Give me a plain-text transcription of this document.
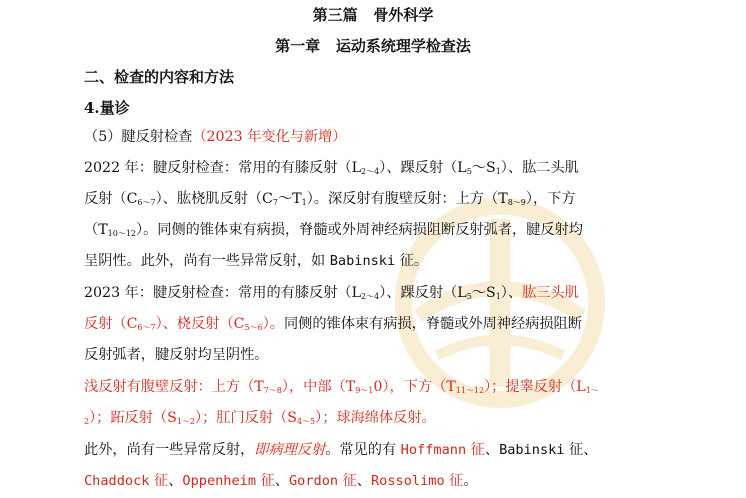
第三篇   骨外科学
第一章   运动系统理学检查法
二、检查的内容和方法
4.量诊
（5）腱反射检查（2023 年变化与新增）
2022 年：腱反射检查：常用的有膝反射$(L_{2\sim 4})$、踝反射$(L_5\sim S_1)$、肱二头肌
反射$(C_{6\sim 7})$、肱桡肌反射$(C_7\sim T_1)$。深反射有腹壁反射：上方$(T_{8\sim 9})$，下方
$(T_{10\sim 12})$。同侧的锥体束有病损，脊髓或外周神经病损阻断反射弧者，腱反射均
呈阴性。此外，尚有一些异常反射，如 Babinski 征。
2023 年：腱反射检查：常用的有膝反射$(L_{2\sim 4})$、踝反射$(L_5\sim S_1)$、肱三头肌
反射$(C_{6\sim 7})$、桡反射$(C_{5\sim 6})$。同侧的锥体束有病损，脊髓或外周神经病损阻断
反射弧者，腱反射均呈阴性。
浅反射有腹壁反射：上方$(T_{7\sim 8})$，中部$(T_{9\sim 1}0)$，下方$(T_{11\sim 12})$；提睾反射（$L_{1\sim}$
$_2$）；跖反射$(S_{1\sim 2})$；肛门反射$(S_{4\sim 5})$；球海绵体反射。
此外，尚有一些异常反射，即病理反射。常见的有 Hoffmann 征、Babinski 征、
Chaddock 征、Oppenheim 征、Gordon 征、Rossolimo 征。
